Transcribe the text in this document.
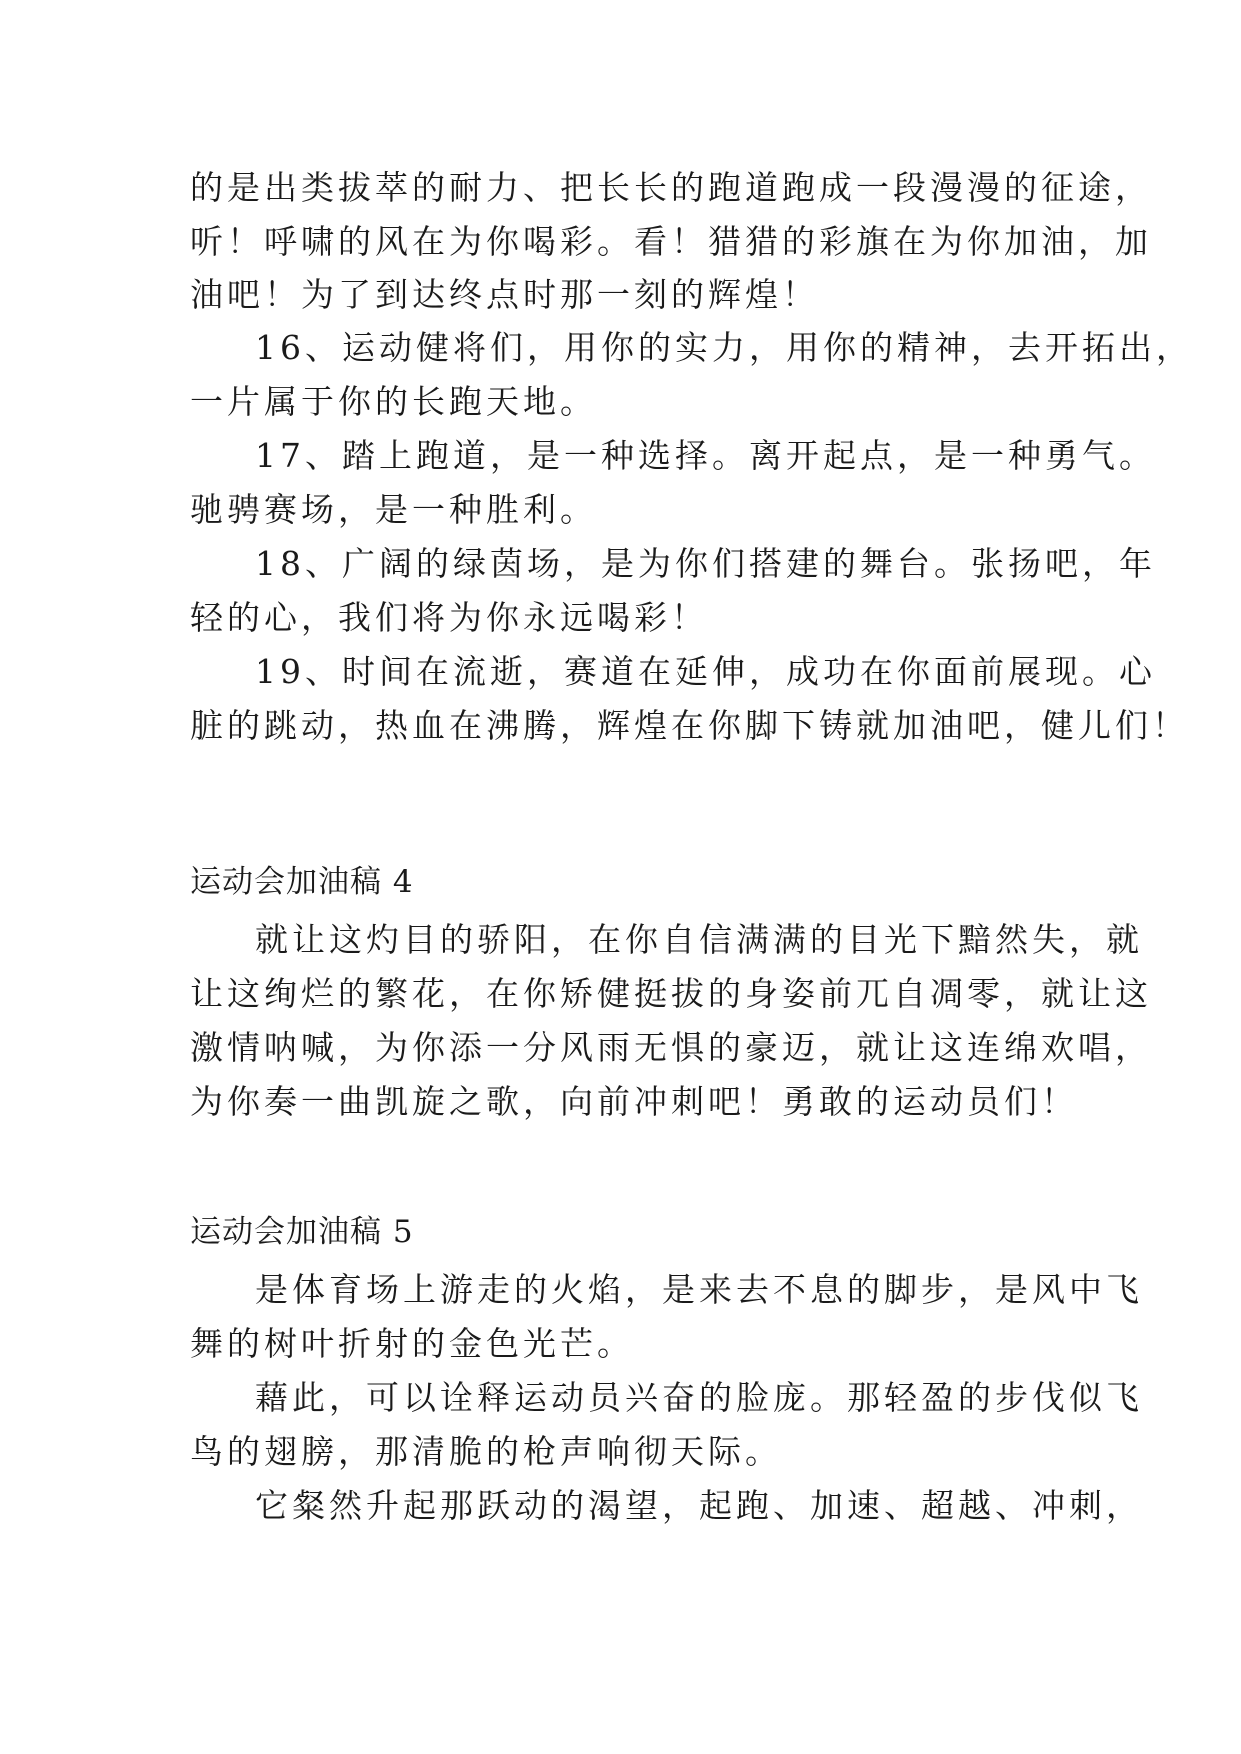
的是出类拔萃的耐力、把长长的跑道跑成一段漫漫的征途，
听！呼啸的风在为你喝彩。看！猎猎的彩旗在为你加油，加
油吧！为了到达终点时那一刻的辉煌！
16、运动健将们，用你的实力，用你的精神，去开拓出，
一片属于你的长跑天地。
17、踏上跑道，是一种选择。离开起点，是一种勇气。
驰骋赛场，是一种胜利。
18、广阔的绿茵场，是为你们搭建的舞台。张扬吧，年
轻的心，我们将为你永远喝彩！
19、时间在流逝，赛道在延伸，成功在你面前展现。心
脏的跳动，热血在沸腾，辉煌在你脚下铸就加油吧，健儿们！
运动会加油稿 4
就让这灼目的骄阳，在你自信满满的目光下黯然失，就
让这绚烂的繁花，在你矫健挺拔的身姿前兀自凋零，就让这
激情呐喊，为你添一分风雨无惧的豪迈，就让这连绵欢唱，
为你奏一曲凯旋之歌，向前冲刺吧！勇敢的运动员们！
运动会加油稿 5
是体育场上游走的火焰，是来去不息的脚步，是风中飞
舞的树叶折射的金色光芒。
藉此，可以诠释运动员兴奋的脸庞。那轻盈的步伐似飞
鸟的翅膀，那清脆的枪声响彻天际。
它粲然升起那跃动的渴望，起跑、加速、超越、冲刺，
